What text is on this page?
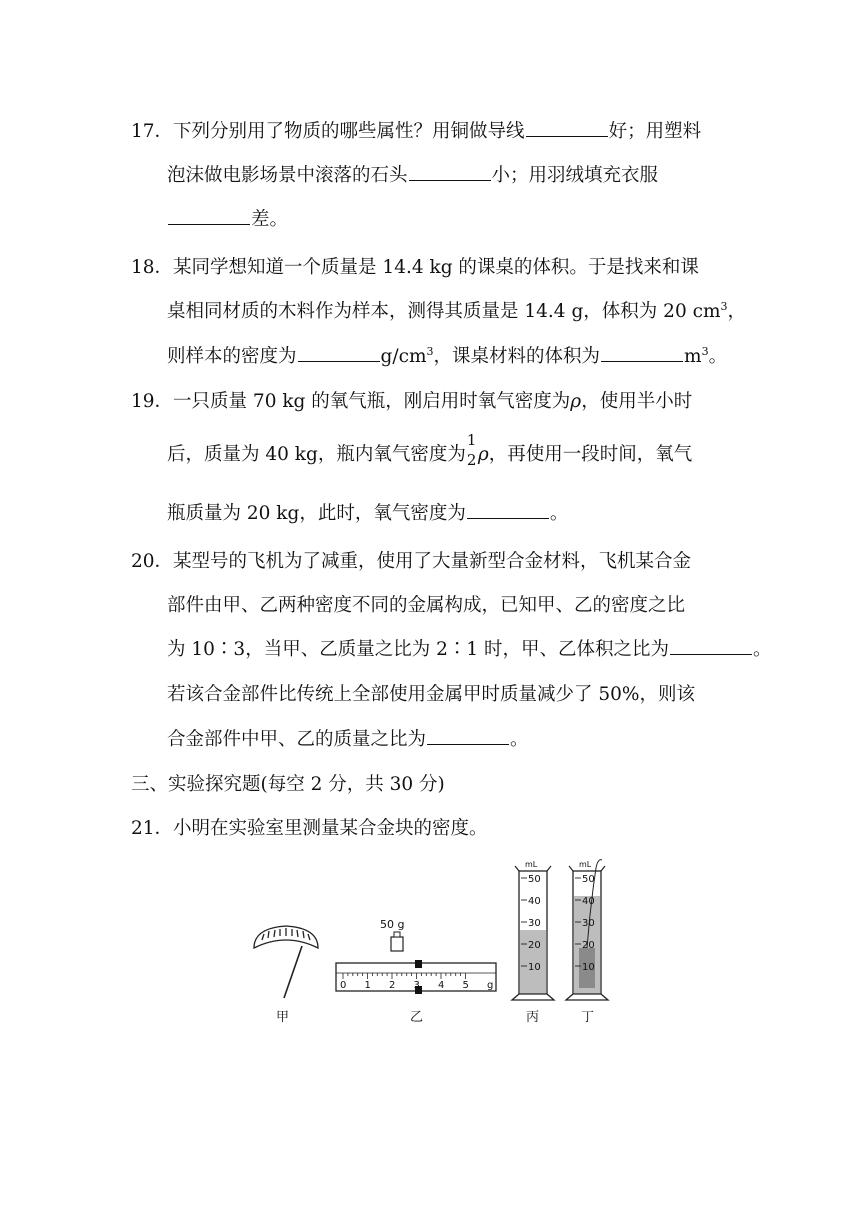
17．下列分别用了物质的哪些属性？用铜做导线	好；用塑料
泡沫做电影场景中滚落的石头	小；用羽绒填充衣服
差。
18．某同学想知道一个质量是 14.4 kg 的课桌的体积。于是找来和课
桌相同材质的木料作为样本，测得其质量是 14.4 g，体积为 20 $cm^3$，
则样本的密度为	$g/cm^3$，课桌材料的体积为	$m^3$。
19．一只质量 70 kg 的氧气瓶，刚启用时氧气密度为ρ，使用半小时
后，质量为 40 kg，瓶内氧气密度为
1
2 ρ，再使用一段时间，氧气
瓶质量为 20 kg，此时，氧气密度为	。
20．某型号的飞机为了减重，使用了大量新型合金材料，飞机某合金
部件由甲、乙两种密度不同的金属构成，已知甲、乙的密度之比
为 10∶3，当甲、乙质量之比为 2∶1 时，甲、乙体积之比为	。
若该合金部件比传统上全部使用金属甲时质量减少了 50%，则该
合金部件中甲、乙的质量之比为	。
三、实验探究题(每空 2 分，共 30 分)
21．小明在实验室里测量某合金块的密度。
50 g
0 1 2 3 4 5 g
mL
50
40
30
20
10
mL
50
40
30
20
10
甲	乙	丙	丁
